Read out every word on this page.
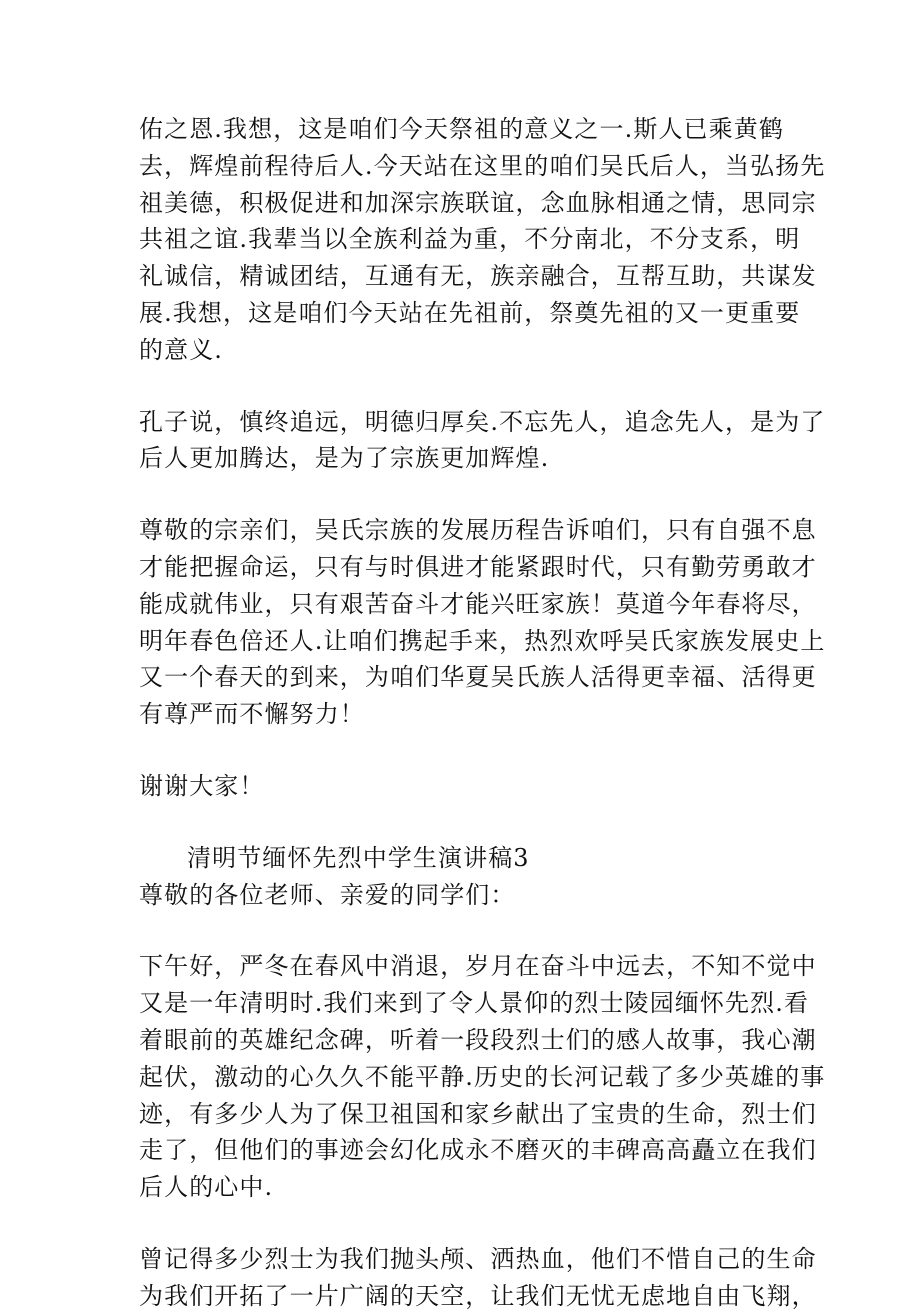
佑之恩.我想，这是咱们今天祭祖的意义之一.斯人已乘黄鹤
去，辉煌前程待后人.今天站在这里的咱们吴氏后人，当弘扬先
祖美德，积极促进和加深宗族联谊，念血脉相通之情，思同宗
共祖之谊.我辈当以全族利益为重，不分南北，不分支系，明
礼诚信，精诚团结，互通有无，族亲融合，互帮互助，共谋发
展.我想，这是咱们今天站在先祖前，祭奠先祖的又一更重要
的意义.
孔子说，慎终追远，明德归厚矣.不忘先人，追念先人，是为了
后人更加腾达，是为了宗族更加辉煌.
尊敬的宗亲们，吴氏宗族的发展历程告诉咱们，只有自强不息
才能把握命运，只有与时俱进才能紧跟时代，只有勤劳勇敢才
能成就伟业，只有艰苦奋斗才能兴旺家族！莫道今年春将尽，
明年春色倍还人.让咱们携起手来，热烈欢呼吴氏家族发展史上
又一个春天的到来，为咱们华夏吴氏族人活得更幸福、活得更
有尊严而不懈努力！
谢谢大家！
清明节缅怀先烈中学生演讲稿3
尊敬的各位老师、亲爱的同学们：
下午好，严冬在春风中消退，岁月在奋斗中远去，不知不觉中
又是一年清明时.我们来到了令人景仰的烈士陵园缅怀先烈.看
着眼前的英雄纪念碑，听着一段段烈士们的感人故事，我心潮
起伏，激动的心久久不能平静.历史的长河记载了多少英雄的事
迹，有多少人为了保卫祖国和家乡献出了宝贵的生命，烈士们
走了，但他们的事迹会幻化成永不磨灭的丰碑高高矗立在我们
后人的心中.
曾记得多少烈士为我们抛头颅、洒热血，他们不惜自己的生命
为我们开拓了一片广阔的天空，让我们无忧无虑地自由飞翔，
